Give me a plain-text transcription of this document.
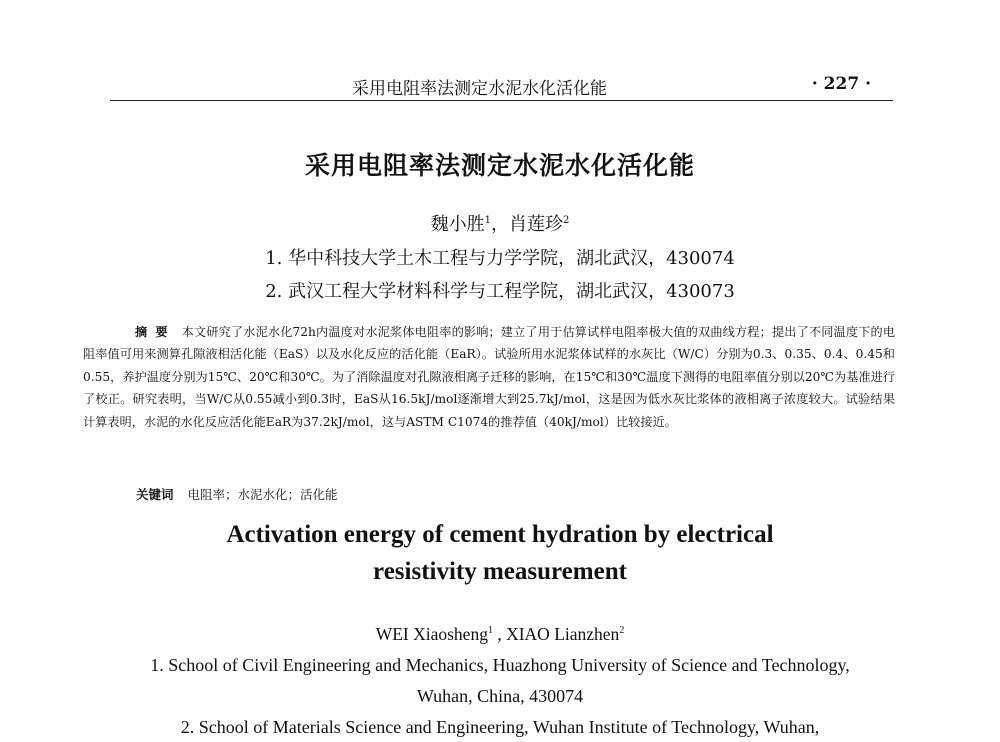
采用电阻率法测定水泥水化活化能	· 227 ·
采用电阻率法测定水泥水化活化能
魏小胜$^1$，肖莲珍$^2$
1. 华中科技大学土木工程与力学学院，湖北武汉，430074
2. 武汉工程大学材料科学与工程学院，湖北武汉，430073
摘要 本文研究了水泥水化72h内温度对水泥浆体电阻率的影响；建立了用于估算试样电阻率极大值的双曲线方程；提出了不同温度下的电阻率值可用来测算孔隙液相活化能（EaS）以及水化反应的活化能（EaR）。试验所用水泥浆体试样的水灰比（W/C）分别为0.3、0.35、0.4、0.45和0.55，养护温度分别为15℃、20℃和30℃。为了消除温度对孔隙液相离子迁移的影响，在15℃和30℃温度下测得的电阻率值分别以20℃为基准进行了校正。研究表明，当W/C从0.55减小到0.3时，EaS从16.5kJ/mol逐渐增大到25.7kJ/mol，这是因为低水灰比浆体的液相离子浓度较大。试验结果计算表明，水泥的水化反应活化能EaR为37.2kJ/mol，这与ASTM C1074的推荐值（40kJ/mol）比较接近。
关键词 电阻率；水泥水化；活化能
Activation energy of cement hydration by electrical
resistivity measurement
WEI Xiaosheng$^1$ , XIAO Lianzhen$^2$
1. School of Civil Engineering and Mechanics, Huazhong University of Science and Technology,
Wuhan, China, 430074
2. School of Materials Science and Engineering, Wuhan Institute of Technology, Wuhan,
